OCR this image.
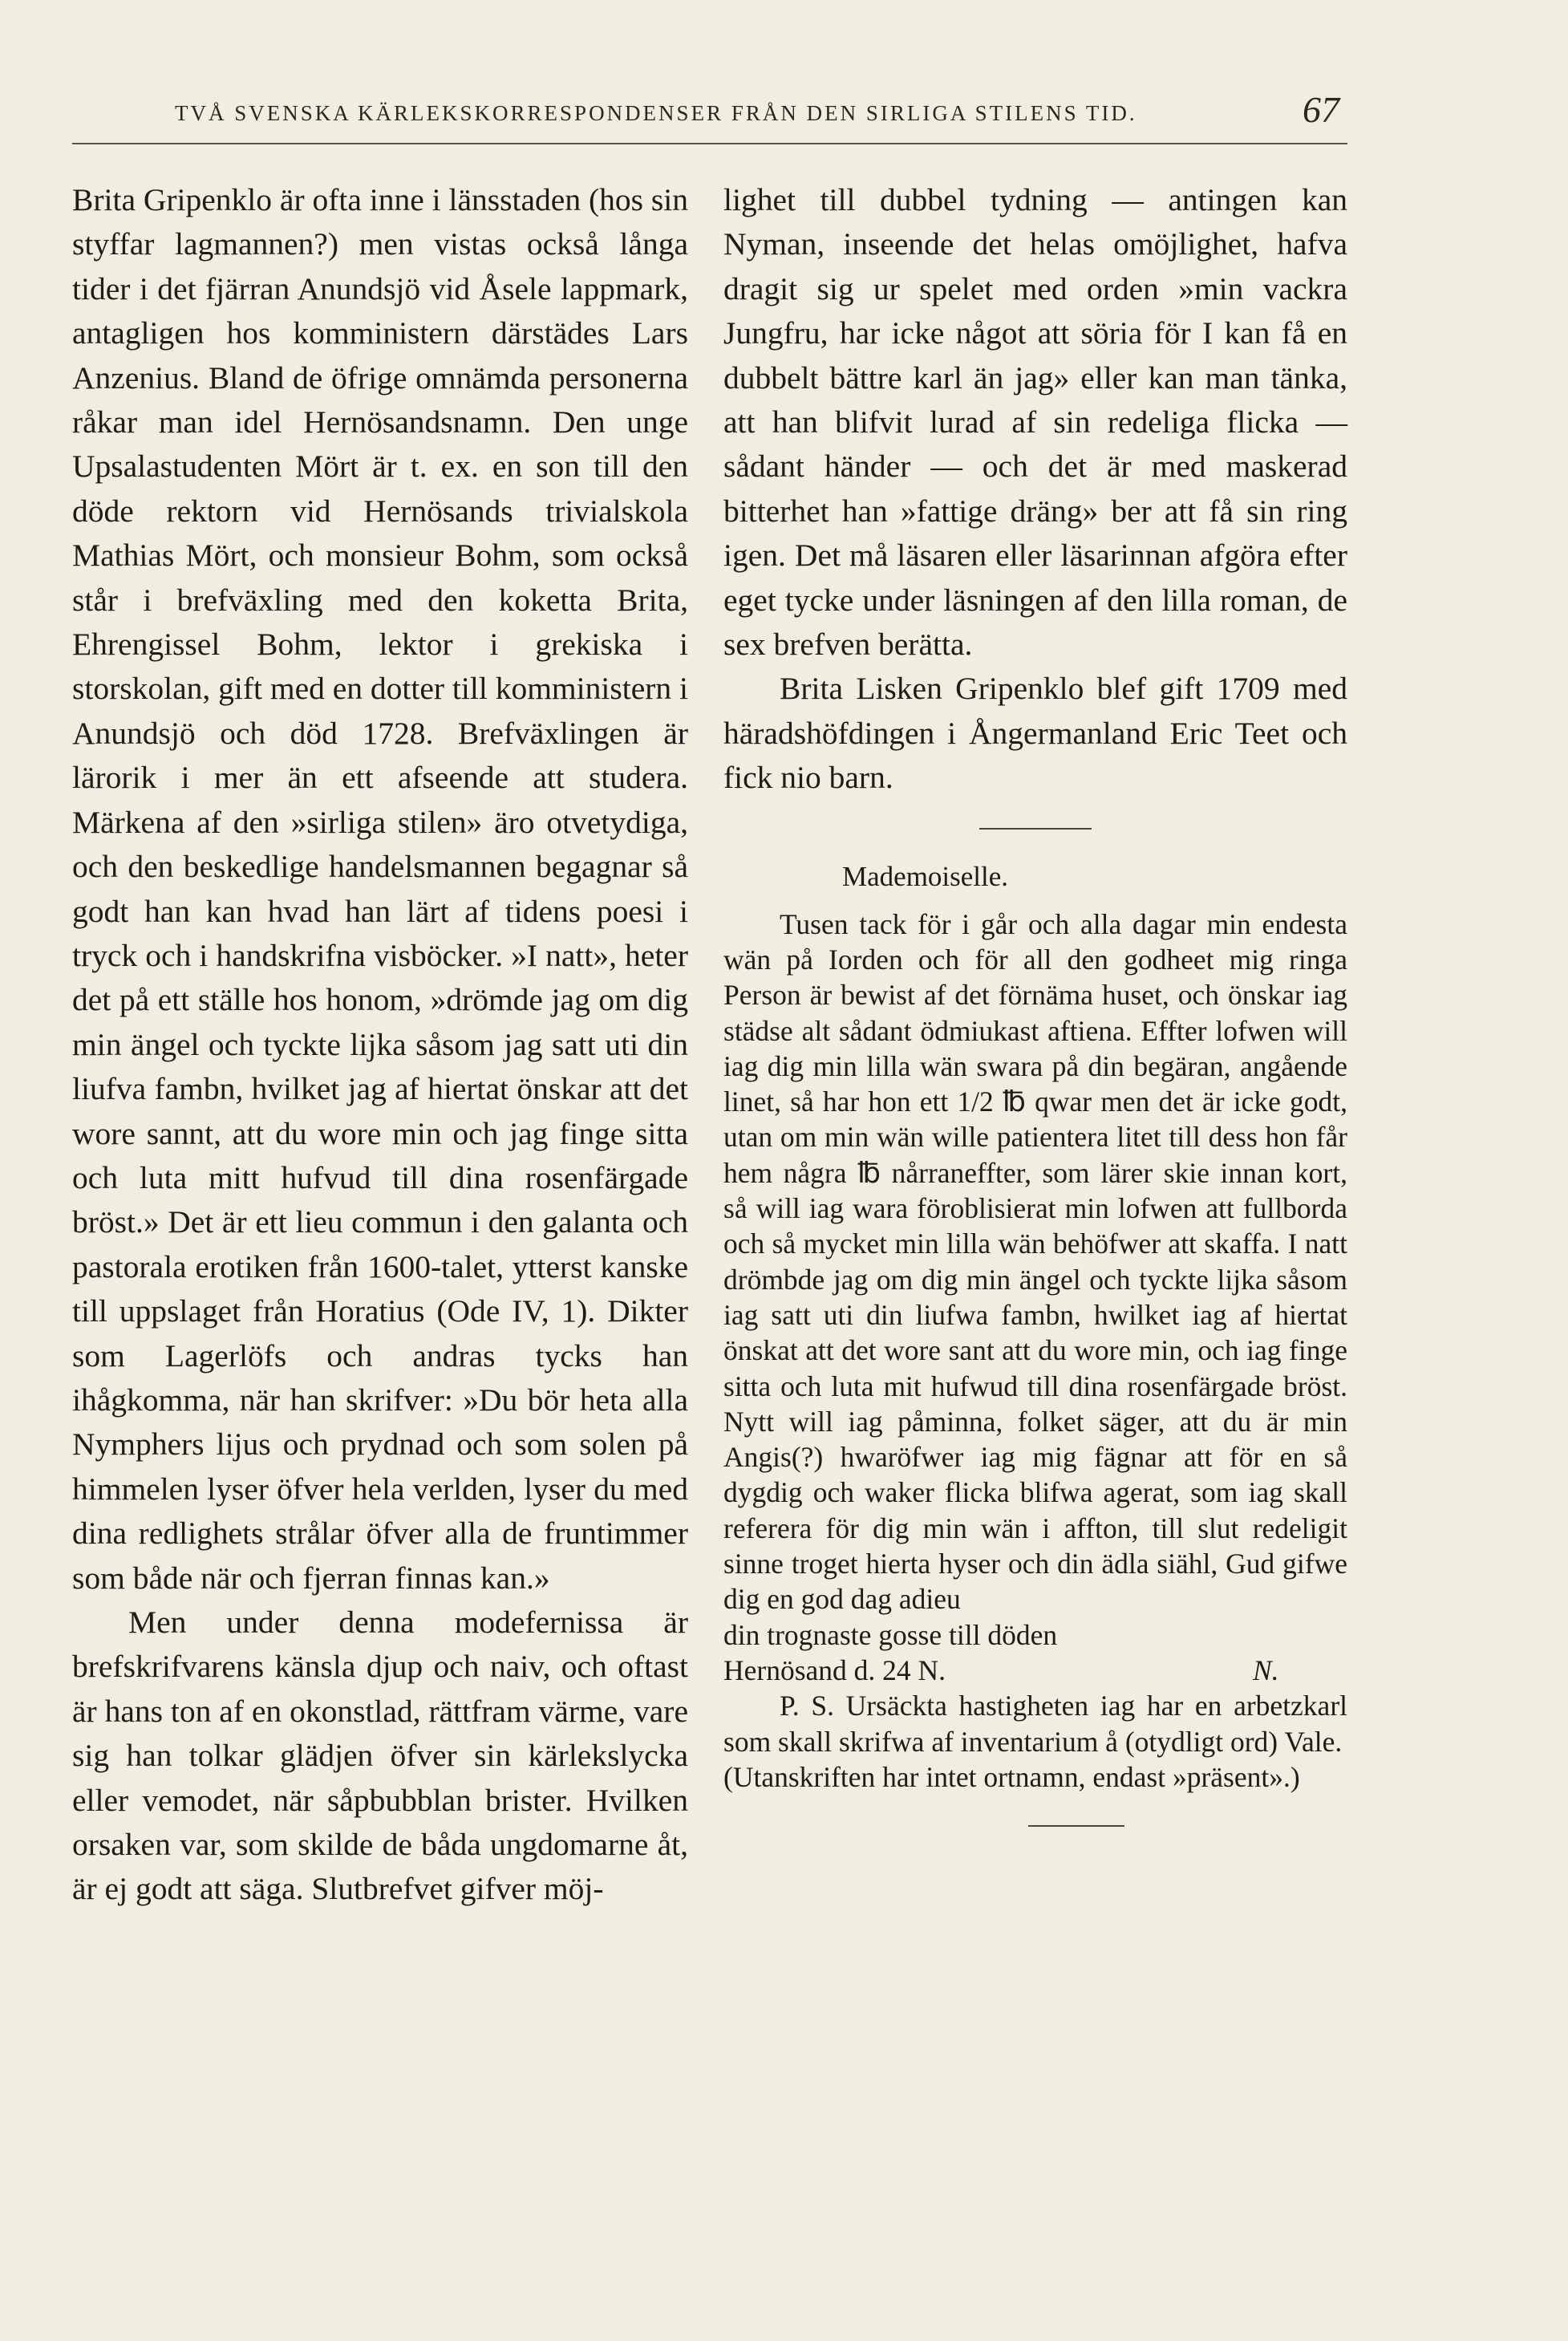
TVÅ SVENSKA KÄRLEKSKORRESPONDENSER FRÅN DEN SIRLIGA STILENS TID.	67

Brita Gripenklo är ofta inne i länsstaden (hos sin styffar lagmannen?) men vistas också långa tider i det fjärran Anundsjö vid Åsele lappmark, antagligen hos komministern därstädes Lars Anzenius. Bland de öfrige omnämda personerna råkar man idel Hernösandsnamn. Den unge Upsalastudenten Mört är t. ex. en son till den döde rektorn vid Hernösands trivialskola Mathias Mört, och monsieur Bohm, som också står i brefväxling med den koketta Brita, Ehrengissel Bohm, lektor i grekiska i storskolan, gift med en dotter till komministern i Anundsjö och död 1728. Brefväxlingen är lärorik i mer än ett afseende att studera. Märkena af den »sirliga stilen» äro otvetydiga, och den beskedlige handelsmannen begagnar så godt han kan hvad han lärt af tidens poesi i tryck och i handskrifna visböcker. »I natt», heter det på ett ställe hos honom, »drömde jag om dig min ängel och tyckte lijka såsom jag satt uti din liufva fambn, hvilket jag af hiertat önskar att det wore sannt, att du wore min och jag finge sitta och luta mitt hufvud till dina rosenfärgade bröst.» Det är ett lieu commun i den galanta och pastorala erotiken från 1600-talet, ytterst kanske till uppslaget från Horatius (Ode IV, 1). Dikter som Lagerlöfs och andras tycks han ihågkomma, när han skrifver: »Du bör heta alla Nymphers lijus och prydnad och som solen på himmelen lyser öfver hela verlden, lyser du med dina redlighets strålar öfver alla de fruntimmer som både när och fjerran finnas kan.»

Men under denna modefernissa är brefskrifvarens känsla djup och naiv, och oftast är hans ton af en okonstlad, rättfram värme, vare sig han tolkar glädjen öfver sin kärlekslycka eller vemodet, när såpbubblan brister. Hvilken orsaken var, som skilde de båda ungdomarne åt, är ej godt att säga. Slutbrefvet gifver möj-

lighet till dubbel tydning — antingen kan Nyman, inseende det helas omöjlighet, hafva dragit sig ur spelet med orden »min vackra Jungfru, har icke något att söria för I kan få en dubbelt bättre karl än jag» eller kan man tänka, att han blifvit lurad af sin redeliga flicka — sådant händer — och det är med maskerad bitterhet han »fattige dräng» ber att få sin ring igen. Det må läsaren eller läsarinnan afgöra efter eget tycke under läsningen af den lilla roman, de sex brefven berätta.

Brita Lisken Gripenklo blef gift 1709 med häradshöfdingen i Ångermanland Eric Teet och fick nio barn.

Mademoiselle.

Tusen tack för i går och alla dagar min endesta wän på Iorden och för all den godheet mig ringa Person är bewist af det förnäma huset, och önskar iag städse alt sådant ödmiukast aftiena. Effter lofwen will iag dig min lilla wän swara på din begäran, angående linet, så har hon ett 1/2 ℔ qwar men det är icke godt, utan om min wän wille patientera litet till dess hon får hem några ℔ nårraneffter, som lärer skie innan kort, så will iag wara föroblisierat min lofwen att fullborda och så mycket min lilla wän behöfwer att skaffa. I natt drömbde jag om dig min ängel och tyckte lijka såsom iag satt uti din liufwa fambn, hwilket iag af hiertat önskat att det wore sant att du wore min, och iag finge sitta och luta mit hufwud till dina rosenfärgade bröst. Nytt will iag påminna, folket säger, att du är min Angis(?) hwaröfwer iag mig fägnar att för en så dygdig och waker flicka blifwa agerat, som iag skall referera för dig min wän i affton, till slut redeligit sinne troget hierta hyser och din ädla siähl, Gud gifwe dig en god dag adieu

din trognaste gosse till döden

Hernösand d. 24 N.	N.

P. S. Ursäckta hastigheten iag har en arbetzkarl som skall skrifwa af inventarium å (otydligt ord) Vale.

(Utanskriften har intet ortnamn, endast »präsent».)
